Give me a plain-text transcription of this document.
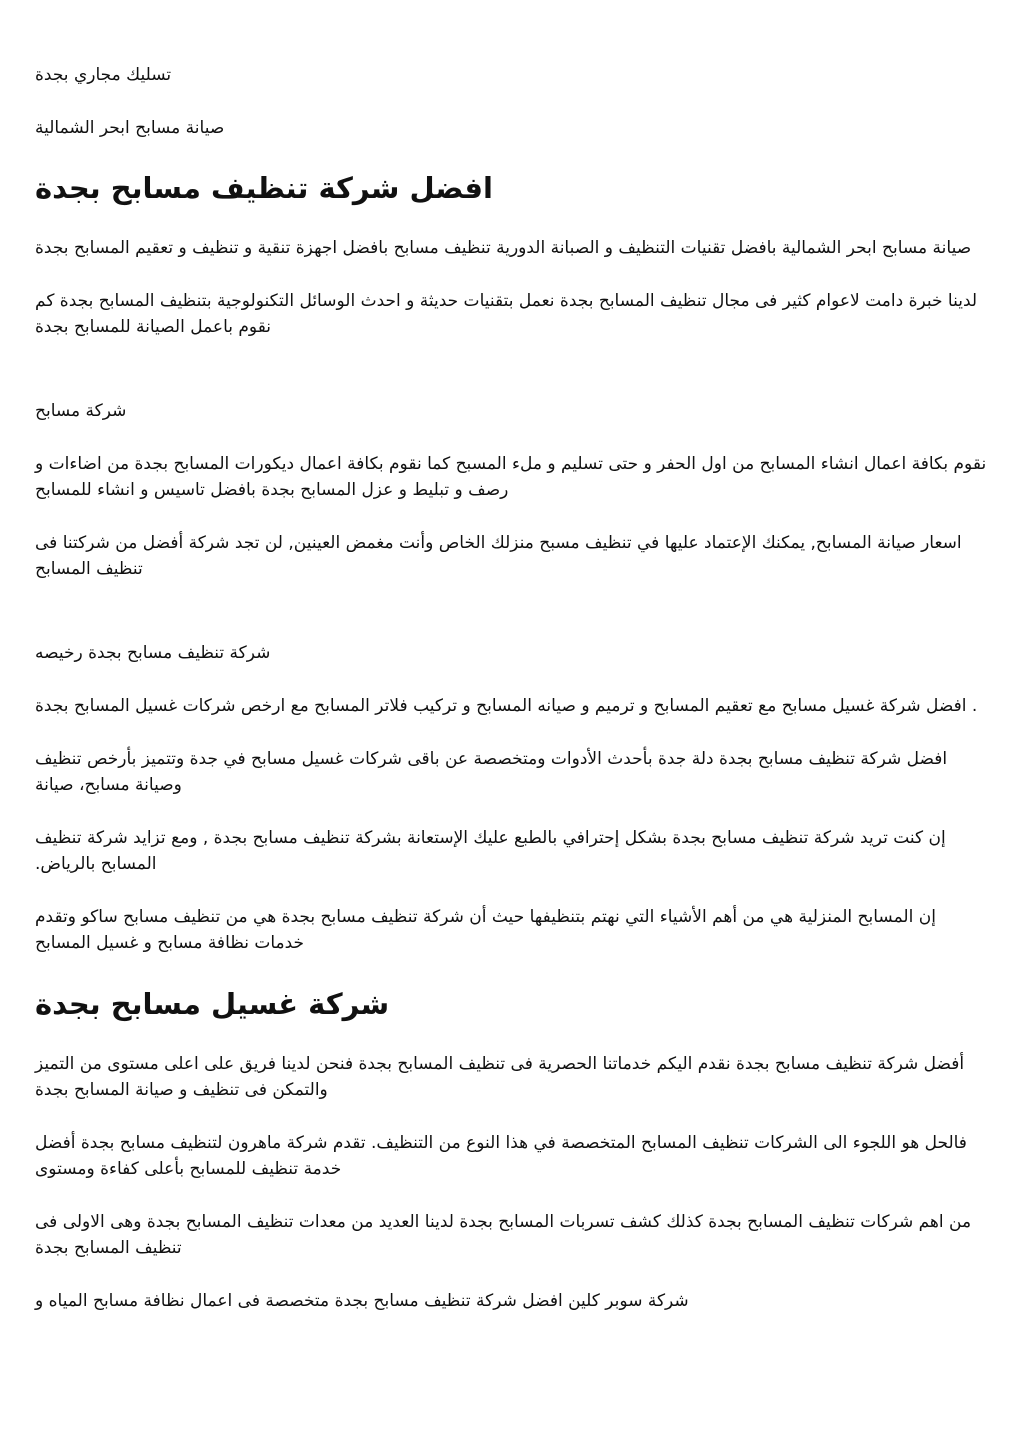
تسليك مجاري بجدة

صيانة مسابح ابحر الشمالية

افضل شركة تنظيف مسابح بجدة

صيانة مسابح ابحر الشمالية بافضل تقنيات التنظيف و الصبانة الدورية تنظيف مسابح بافضل اجهزة تنقية و تنظيف و تعقيم المسابح بجدة

لدينا خبرة دامت لاعوام كثير فى مجال تنظيف المسابح بجدة نعمل بتقنيات حديثة و احدث الوسائل التكنولوجية بتنظيف المسابح بجدة كم نقوم باعمل الصيانة للمسابح بجدة

شركة مسابح

نقوم بكافة اعمال انشاء المسابح من اول الحفر و حتى تسليم و ملء المسبح كما نقوم بكافة اعمال ديكورات المسابح بجدة من اضاءات و رصف و تبليط و عزل المسابح بجدة بافضل تاسيس و انشاء للمسابح

اسعار صيانة المسابح, يمكنك الإعتماد عليها في تنظيف مسبح منزلك الخاص وأنت مغمض العينين, لن تجد شركة أفضل من شركتنا فى تنظيف المسابح

شركة تنظيف مسابح بجدة رخيصه

. افضل شركة غسيل مسابح مع تعقيم المسابح و ترميم و صيانه المسابح و تركيب فلاتر المسابح مع ارخص شركات غسيل المسابح بجدة

افضل شركة تنظيف مسابح بجدة دلة جدة بأحدث الأدوات ومتخصصة عن باقى شركات غسيل مسابح في جدة وتتميز بأرخص تنظيف وصيانة مسابح، صيانة

إن كنت تريد شركة تنظيف مسابح بجدة بشكل إحترافي بالطبع عليك الإستعانة بشركة تنظيف مسابح بجدة , ومع تزايد شركة تنظيف المسابح بالرياض.

إن المسابح المنزلية هي من أهم الأشياء التي نهتم بتنظيفها حيث أن شركة تنظيف مسابح بجدة هي من تنظيف مسابح ساكو وتقدم خدمات نظافة مسابح و غسيل المسابح

شركة غسيل مسابح بجدة

أفضل شركة تنظيف مسابح بجدة نقدم اليكم خدماتنا الحصرية فى تنظيف المسابح بجدة فنحن لدينا فريق على اعلى مستوى من التميز والتمكن فى تنظيف و صيانة المسابح بجدة

فالحل هو اللجوء الى الشركات تنظيف المسابح المتخصصة في هذا النوع من التنظيف. تقدم شركة ماهرون لتنظيف مسابح بجدة أفضل خدمة تنظيف للمسابح بأعلى كفاءة ومستوى

من اهم شركات تنظيف المسابح بجدة كذلك كشف تسربات المسابح بجدة لدينا العديد من معدات تنظيف المسابح بجدة وهى الاولى فى تنظيف المسابح بجدة

شركة سوبر كلين افضل شركة تنظيف مسابح بجدة متخصصة فى اعمال نظافة مسابح المياه و
